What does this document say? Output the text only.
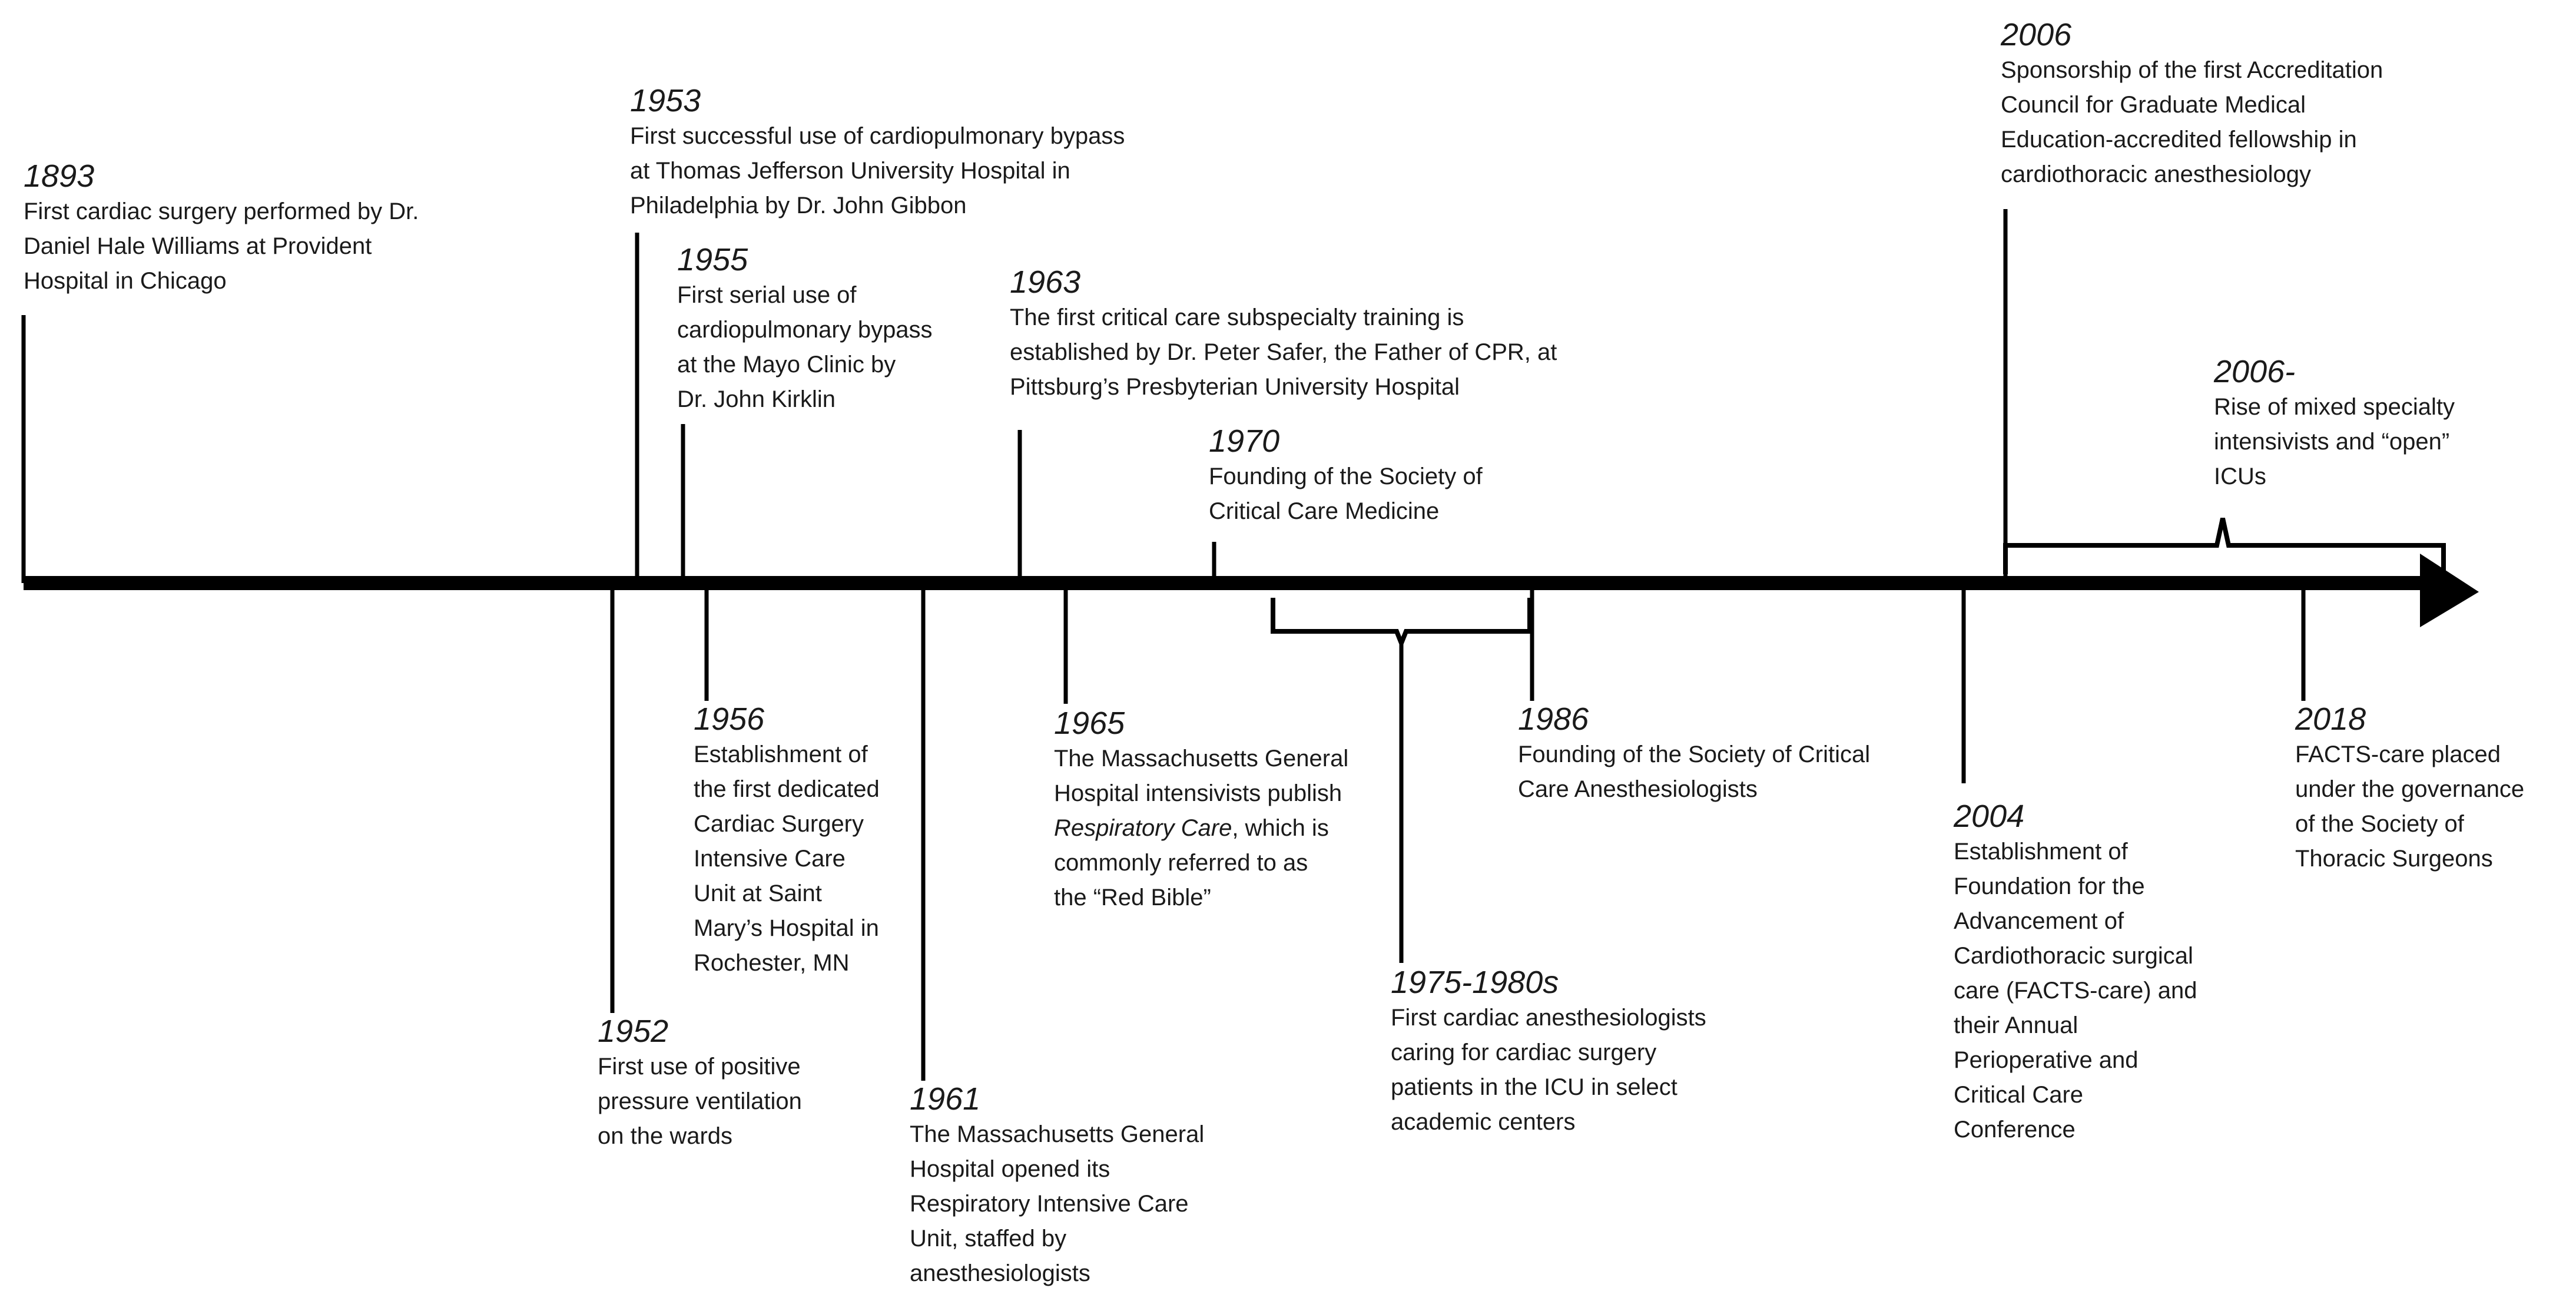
1893
First cardiac surgery performed by Dr.
Daniel Hale Williams at Provident
Hospital in Chicago
1953
First successful use of cardiopulmonary bypass
at Thomas Jefferson University Hospital in
Philadelphia by Dr. John Gibbon
1955
First serial use of
cardiopulmonary bypass
at the Mayo Clinic by
Dr. John Kirklin
1963
The first critical care subspecialty training is
established by Dr. Peter Safer, the Father of CPR, at
Pittsburg’s Presbyterian University Hospital
1970
Founding of the Society of
Critical Care Medicine
2006
Sponsorship of the first Accreditation
Council for Graduate Medical
Education-accredited fellowship in
cardiothoracic anesthesiology
2006-
Rise of mixed specialty
intensivists and “open”
ICUs
1952
First use of positive
pressure ventilation
on the wards
1956
Establishment of
the first dedicated
Cardiac Surgery
Intensive Care
Unit at Saint
Mary’s Hospital in
Rochester, MN
1961
The Massachusetts General
Hospital opened its
Respiratory Intensive Care
Unit, staffed by
anesthesiologists
1965
The Massachusetts General
Hospital intensivists publish
Respiratory Care, which is
commonly referred to as
the “Red Bible”
1975-1980s
First cardiac anesthesiologists
caring for cardiac surgery
patients in the ICU in select
academic centers
1986
Founding of the Society of Critical
Care Anesthesiologists
2004
Establishment of
Foundation for the
Advancement of
Cardiothoracic surgical
care (FACTS-care) and
their Annual
Perioperative and
Critical Care
Conference
2018
FACTS-care placed
under the governance
of the Society of
Thoracic Surgeons
